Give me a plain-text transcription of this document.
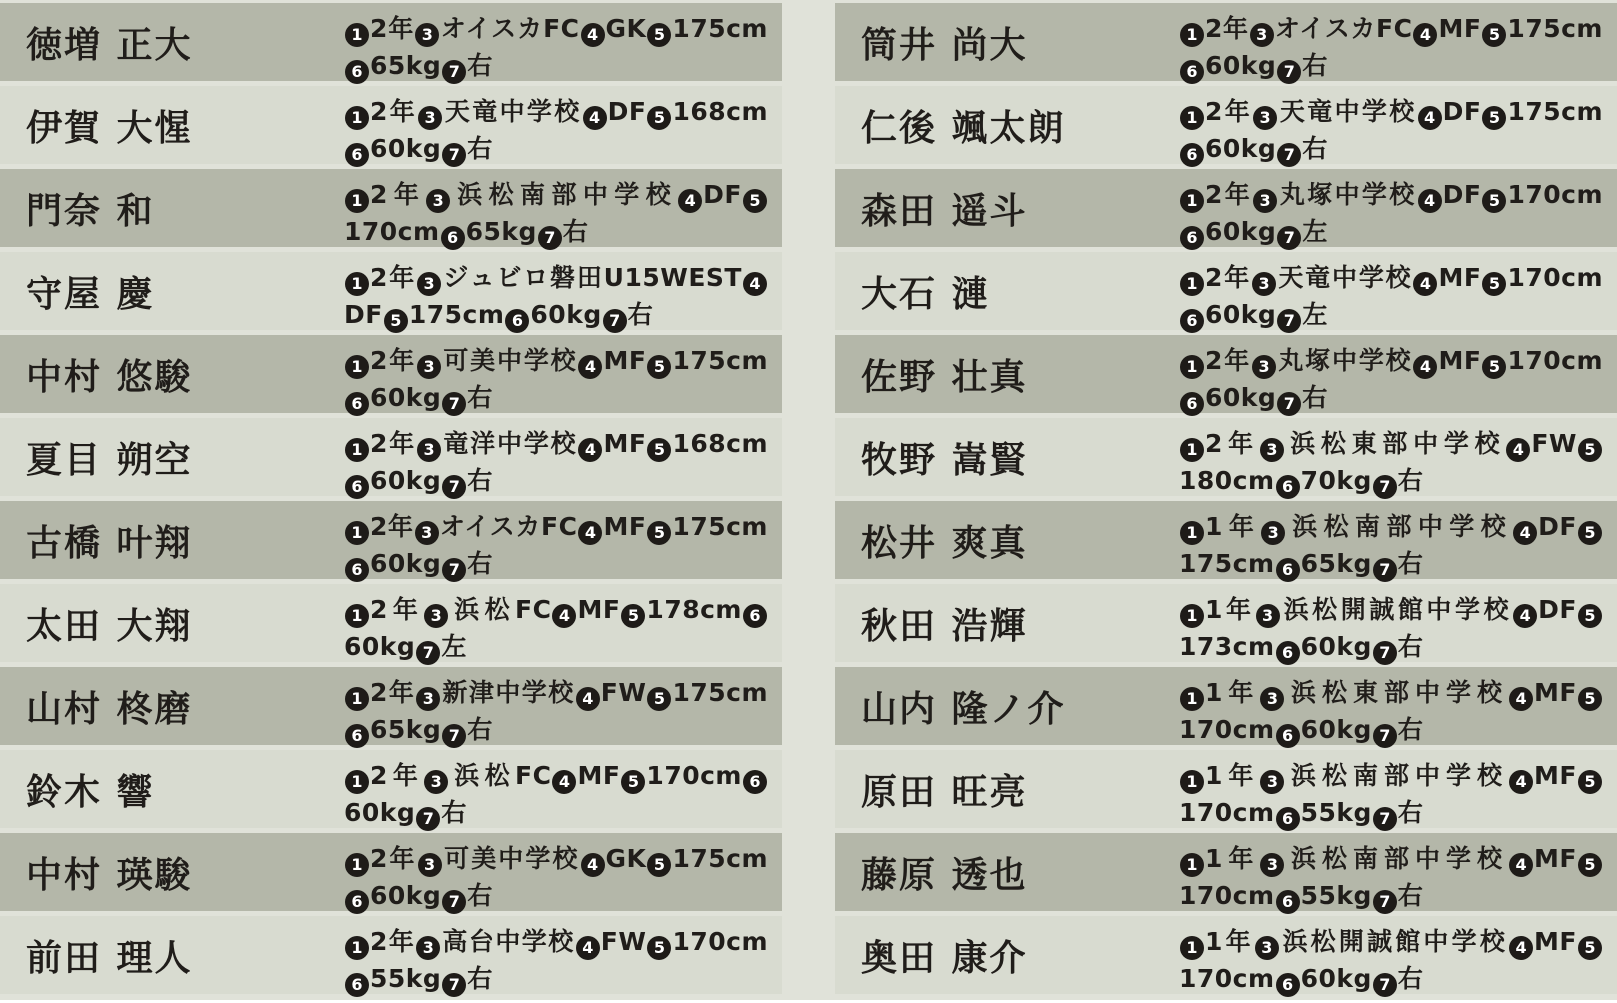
徳増 正大	1 2年 3 オイスカFC 4 GK 5 175cm6 65kg 7 右
伊賀 大惺	1 2年 3 天竜中学校 4 DF 5 168cm6 60kg 7 右
門奈 和	1 2年 3 浜松南部中学校 4 DF 5170cm 6 65kg 7 右
守屋 慶	1 2年 3 ジュビロ磐田U15WEST 4DF 5 175cm 6 60kg 7 右
中村 悠駿	1 2年 3 可美中学校 4 MF 5 175cm6 60kg 7 右
夏目 朔空	1 2年 3 竜洋中学校 4 MF 5 168cm6 60kg 7 右
古橋 叶翔	1 2年 3 オイスカFC 4 MF 5 175cm6 60kg 7 右
太田 大翔	1 2年 3 浜松FC 4 MF 5 178cm 660kg 7 左
山村 柊磨	1 2年 3 新津中学校 4 FW 5 175cm6 65kg 7 右
鈴木 響	1 2年 3 浜松FC 4 MF 5 170cm 660kg 7 右
中村 瑛駿	1 2年 3 可美中学校 4 GK 5 175cm6 60kg 7 右
前田 理人	1 2年 3 高台中学校 4 FW 5 170cm6 55kg 7 右
筒井 尚大	1 2年 3 オイスカFC 4 MF 5 175cm6 60kg 7 右
仁後 颯太朗	1 2年 3 天竜中学校 4 DF 5 175cm6 60kg 7 右
森田 遥斗	1 2年 3 丸塚中学校 4 DF 5 170cm6 60kg 7 左
大石 漣	1 2年 3 天竜中学校 4 MF 5 170cm6 60kg 7 左
佐野 壮真	1 2年 3 丸塚中学校 4 MF 5 170cm6 60kg 7 右
牧野 嵩賢	1 2年 3 浜松東部中学校 4 FW 5180cm 6 70kg 7 右
松井 爽真	1 1年 3 浜松南部中学校 4 DF 5175cm 6 65kg 7 右
秋田 浩輝	1 1年 3 浜松開誠館中学校 4 DF 5173cm 6 60kg 7 右
山内 隆ノ介	1 1年 3 浜松東部中学校 4 MF 5170cm 6 60kg 7 右
原田 旺亮	1 1年 3 浜松南部中学校 4 MF 5170cm 6 55kg 7 右
藤原 透也	1 1年 3 浜松南部中学校 4 MF 5170cm 6 55kg 7 右
奥田 康介	1 1年 3 浜松開誠館中学校 4 MF 5170cm 6 60kg 7 右
